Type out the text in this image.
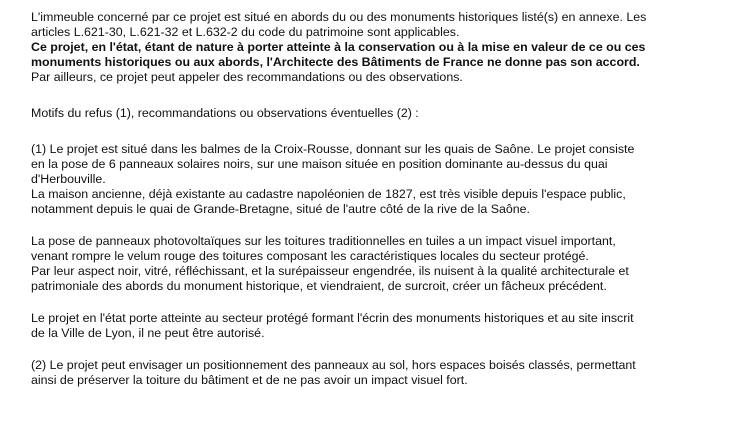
L'immeuble concerné par ce projet est situé en abords du ou des monuments historiques listé(s) en annexe. Les
articles L.621-30, L.621-32 et L.632-2 du code du patrimoine sont applicables.

Ce projet, en l'état, étant de nature à porter atteinte à la conservation ou à la mise en valeur de ce ou ces
monuments historiques ou aux abords, l'Architecte des Bâtiments de France ne donne pas son accord.

Par ailleurs, ce projet peut appeler des recommandations ou des observations.

Motifs du refus (1), recommandations ou observations éventuelles (2) :

(1) Le projet est situé dans les balmes de la Croix-Rousse, donnant sur les quais de Saône. Le projet consiste
en la pose de 6 panneaux solaires noirs, sur une maison située en position dominante au-dessus du quai
d'Herbouville.
La maison ancienne, déjà existante au cadastre napoléonien de 1827, est très visible depuis l'espace public,
notamment depuis le quai de Grande-Bretagne, situé de l'autre côté de la rive de la Saône.

La pose de panneaux photovoltaïques sur les toitures traditionnelles en tuiles a un impact visuel important,
venant rompre le velum rouge des toitures composant les caractéristiques locales du secteur protégé.
Par leur aspect noir, vitré, réfléchissant, et la surépaisseur engendrée, ils nuisent à la qualité architecturale et
patrimoniale des abords du monument historique, et viendraient, de surcroit, créer un fâcheux précédent.

Le projet en l'état porte atteinte au secteur protégé formant l'écrin des monuments historiques et au site inscrit
de la Ville de Lyon, il ne peut être autorisé.

(2) Le projet peut envisager un positionnement des panneaux au sol, hors espaces boisés classés, permettant
ainsi de préserver la toiture du bâtiment et de ne pas avoir un impact visuel fort.
